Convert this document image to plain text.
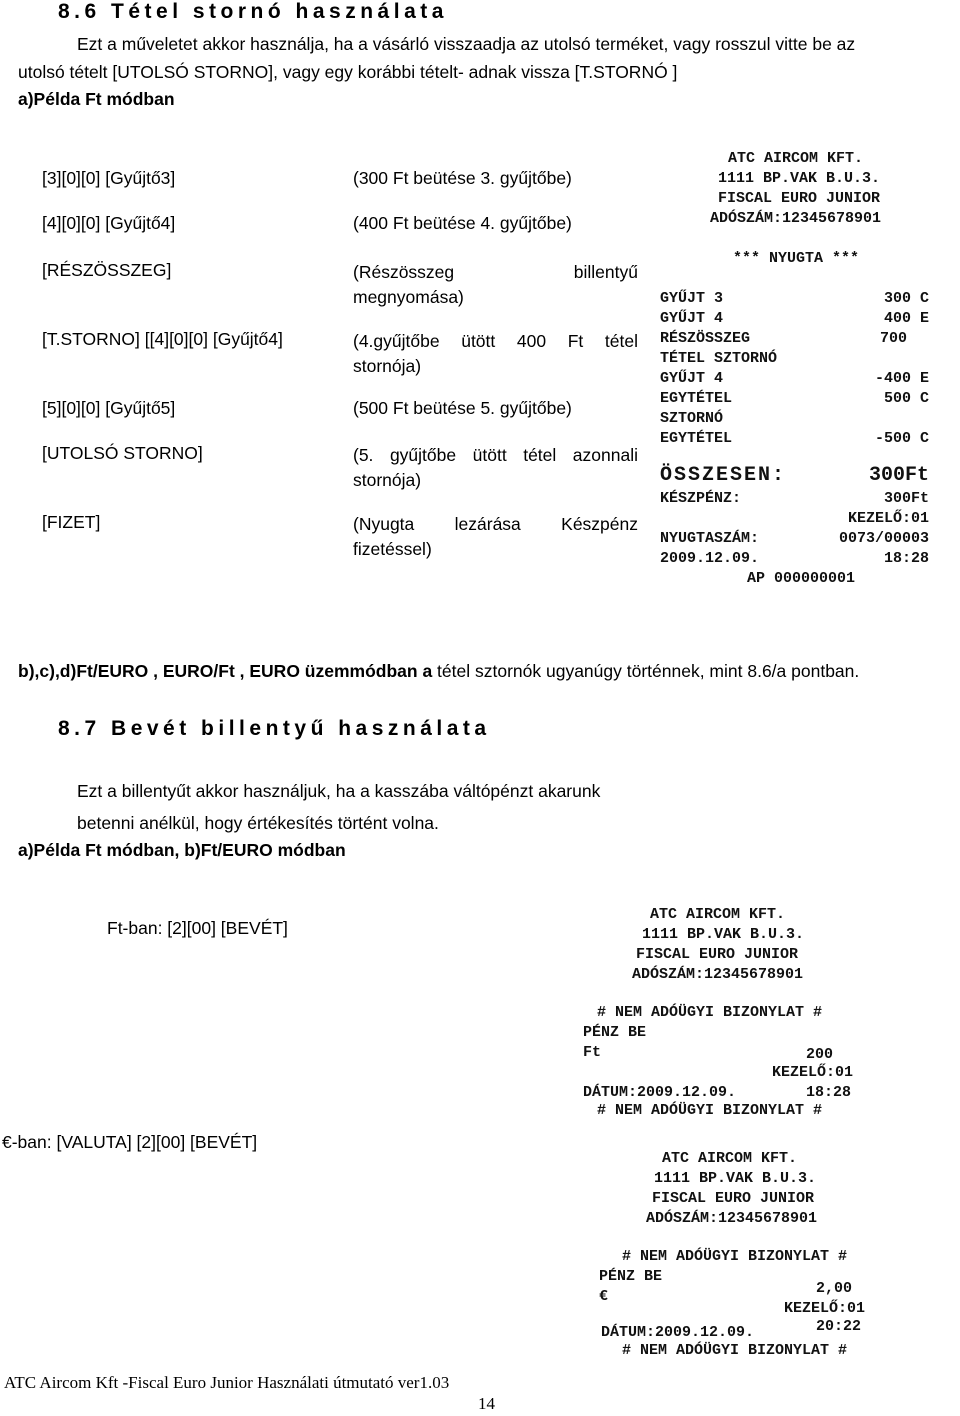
8.6 Tétel stornó használata
Ezt a műveletet akkor használja, ha a vásárló visszaadja az utolsó terméket, vagy rosszul vitte be az
utolsó tételt [UTOLSÓ STORNO], vagy egy korábbi tételt- adnak vissza [T.STORNÓ ]
a)Példa Ft módban
[3][0][0] [Gyűjtő3]	(300 Ft beütése 3. gyűjtőbe)
[4][0][0] [Gyűjtő4]	(400 Ft beütése 4. gyűjtőbe)
[RÉSZÖSSZEG]	(Részösszeg billentyű megnyomása)
[T.STORNO] [[4][0][0] [Gyűjtő4]	(4.gyűjtőbe ütött 400 Ft tétel stornója)
[5][0][0] [Gyűjtő5]	(500 Ft beütése 5. gyűjtőbe)
[UTOLSÓ STORNO]	(5. gyűjtőbe ütött tétel azonnali stornója)
[FIZET]	(Nyugta lezárása Készpénz fizetéssel)
ATC AIRCOM KFT.
1111 BP.VAK B.U.3.
FISCAL EURO JUNIOR
ADÓSZÁM:12345678901
*** NYUGTA ***
GYŰJT 3	300 C
GYŰJT 4	400 E
RÉSZÖSSZEG	700
TÉTEL SZTORNÓ
GYŰJT 4	-400 E
EGYTÉTEL	500 C
SZTORNÓ
EGYTÉTEL	-500 C
ÖSSZESEN:	300Ft
KÉSZPÉNZ:	300Ft
KEZELŐ:01
NYUGTASZÁM:	0073/00003
2009.12.09.	18:28
AP 000000001
b),c),d)Ft/EURO , EURO/Ft , EURO üzemmódban a tétel sztornók ugyanúgy történnek, mint 8.6/a pontban.
8.7 Bevét billentyű használata
Ezt a billentyűt akkor használjuk, ha a kasszába váltópénzt akarunk
betenni anélkül, hogy értékesítés történt volna.
a)Példa Ft módban, b)Ft/EURO módban
Ft-ban: [2][00] [BEVÉT]
€-ban: [VALUTA] [2][00] [BEVÉT]
ATC AIRCOM KFT.
1111 BP.VAK B.U.3.
FISCAL EURO JUNIOR
ADÓSZÁM:12345678901
# NEM ADÓÜGYI BIZONYLAT #
PÉNZ BE
Ft	200
KEZELŐ:01
DÁTUM:2009.12.09.	18:28
# NEM ADÓÜGYI BIZONYLAT #
ATC AIRCOM KFT.
1111 BP.VAK B.U.3.
FISCAL EURO JUNIOR
ADÓSZÁM:12345678901
# NEM ADÓÜGYI BIZONYLAT #
PÉNZ BE
€	2,00
KEZELŐ:01
DÁTUM:2009.12.09.	20:22
# NEM ADÓÜGYI BIZONYLAT #
ATC Aircom Kft -Fiscal Euro Junior Használati útmutató ver1.03
14
